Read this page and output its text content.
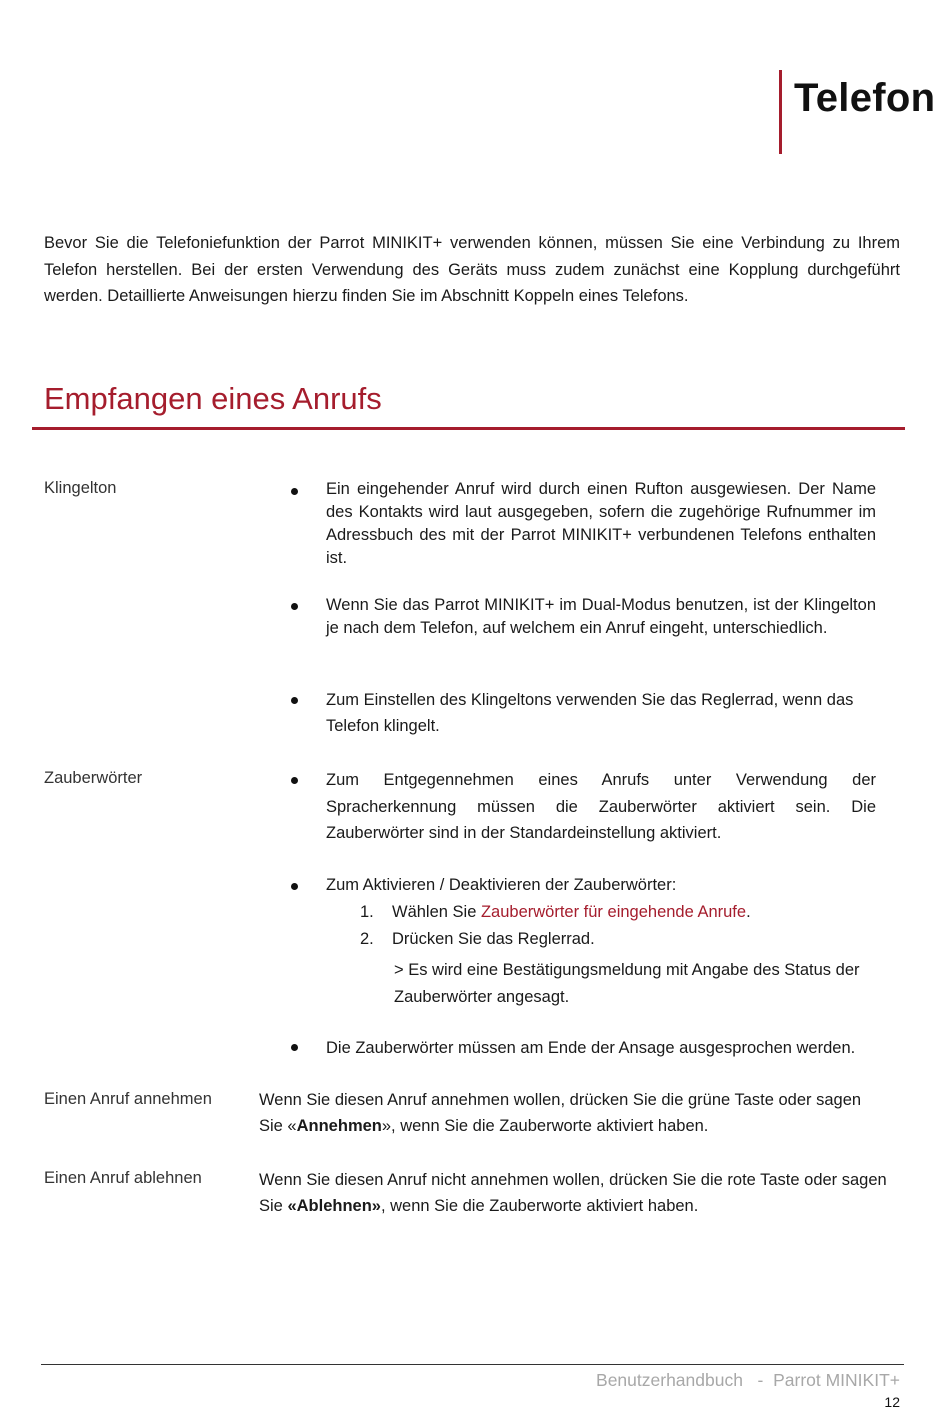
Telefon
Bevor Sie die Telefoniefunktion der Parrot MINIKIT+ verwenden können, müssen Sie eine Verbindung zu Ihrem Telefon herstellen. Bei der ersten Verwendung des Geräts muss zudem zunächst eine Kopplung durchgeführt werden. Detaillierte Anweisungen hierzu finden Sie im Abschnitt Koppeln eines Telefons.
Empfangen eines Anrufs
Klingelton	Ein eingehender Anruf wird durch einen Rufton ausgewiesen. Der Name des Kontakts wird laut ausgegeben, sofern die zugehörige Rufnummer im Adressbuch des mit der Parrot MINIKIT+ verbundenen Telefons enthalten ist.
Wenn Sie das Parrot MINIKIT+ im Dual-Modus benutzen, ist der Klingelton je nach dem Telefon, auf welchem ein Anruf eingeht, unterschiedlich.
Zum Einstellen des Klingeltons verwenden Sie das Reglerrad, wenn das Telefon klingelt.
Zauberwörter	Zum Entgegennehmen eines Anrufs unter Verwendung der Spracherkennung müssen die Zauberwörter aktiviert sein. Die Zauberwörter sind in der Standardeinstellung aktiviert.
Zum Aktivieren / Deaktivieren der Zauberwörter:
1. Wählen Sie Zauberwörter für eingehende Anrufe.
2. Drücken Sie das Reglerrad.
> Es wird eine Bestätigungsmeldung mit Angabe des Status der Zauberwörter angesagt.
Die Zauberwörter müssen am Ende der Ansage ausgesprochen werden.
Einen Anruf annehmen	Wenn Sie diesen Anruf annehmen wollen, drücken Sie die grüne Taste oder sagen Sie «Annehmen», wenn Sie die Zauberworte aktiviert haben.
Einen Anruf ablehnen	Wenn Sie diesen Anruf nicht annehmen wollen, drücken Sie die rote Taste oder sagen Sie «Ablehnen», wenn Sie die Zauberworte aktiviert haben.
Benutzerhandbuch   -  Parrot MINIKIT+
12
